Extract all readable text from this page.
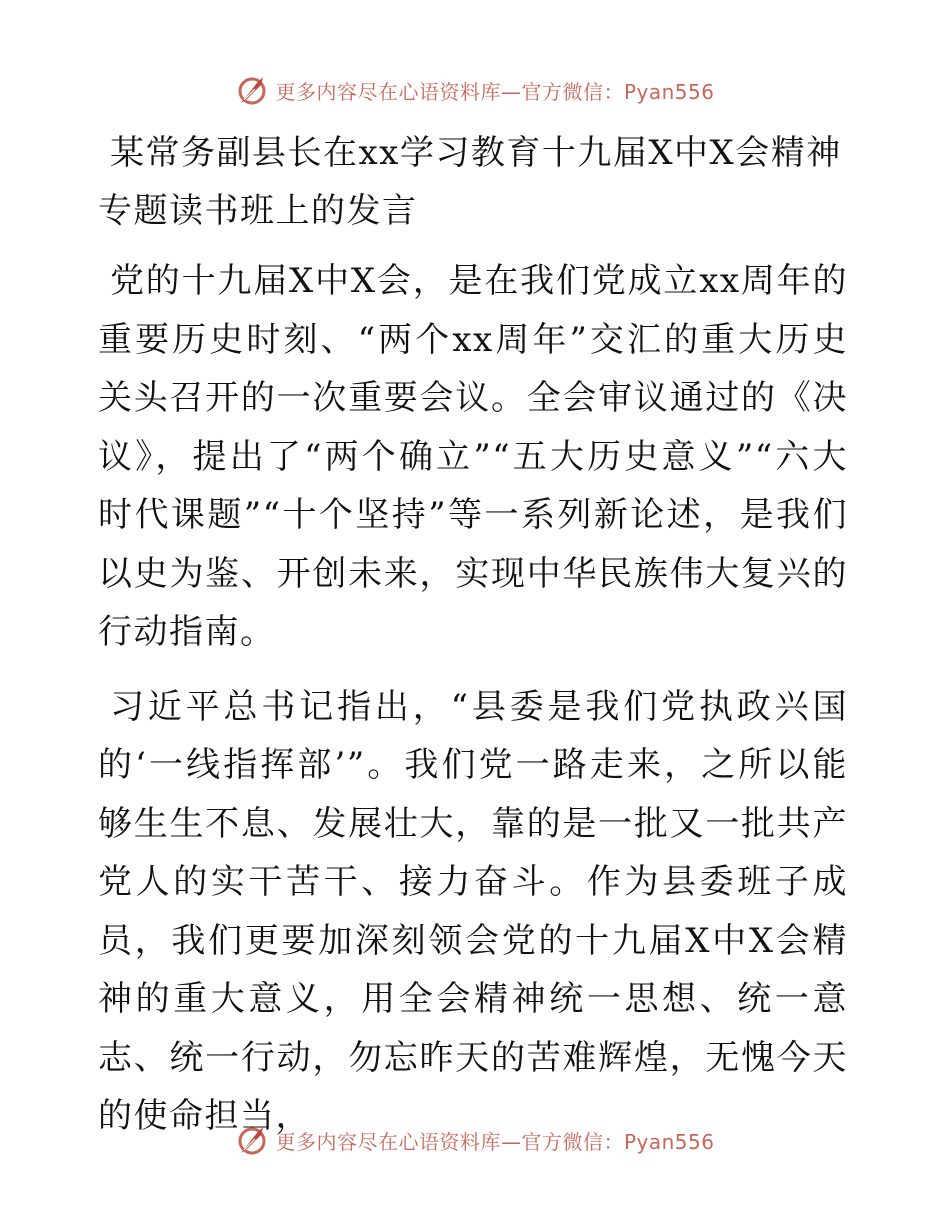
更多内容尽在心语资料库—官方微信：Pyan556
某常务副县长在xx学习教育十九届X中X会精神专题读书班上的发言

党的十九届X中X会，是在我们党成立xx周年的重要历史时刻、“两个xx周年”交汇的重大历史关头召开的一次重要会议。全会审议通过的《决议》，提出了“两个确立”“五大历史意义”“六大时代课题”“十个坚持”等一系列新论述，是我们以史为鉴、开创未来，实现中华民族伟大复兴的行动指南。

习近平总书记指出，“县委是我们党执政兴国的‘一线指挥部’”。我们党一路走来，之所以能够生生不息、发展壮大，靠的是一批又一批共产党人的实干苦干、接力奋斗。作为县委班子成员，我们更要加深刻领会党的十九届X中X会精神的重大意义，用全会精神统一思想、统一意志、统一行动，勿忘昨天的苦难辉煌，无愧今天的使命担当，

更多内容尽在心语资料库—官方微信：Pyan556
